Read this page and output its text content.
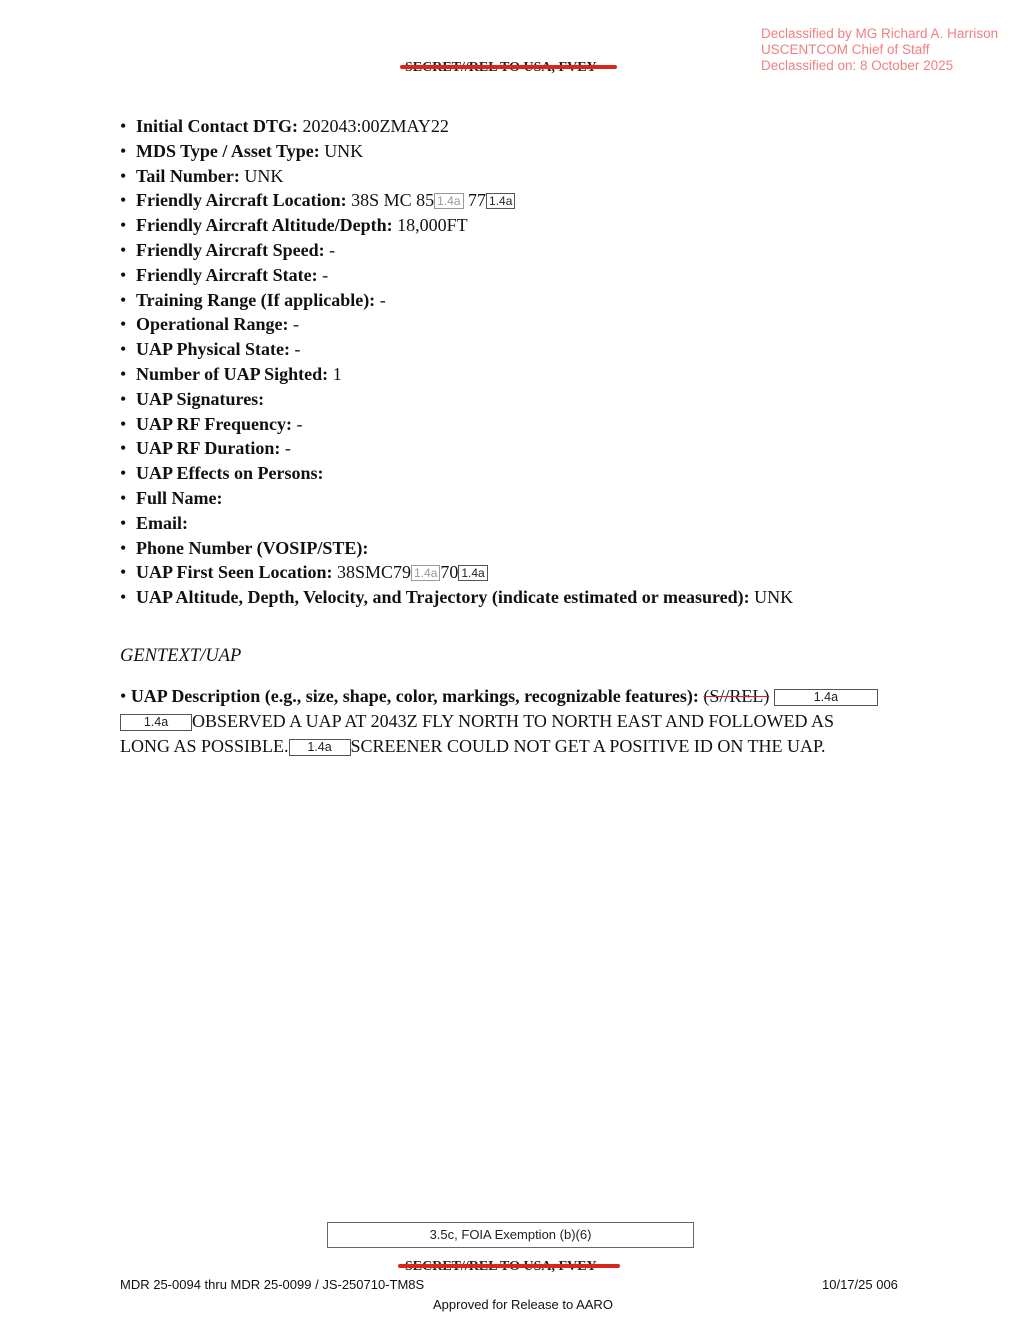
Declassified by MG Richard A. Harrison
USCENTCOM Chief of Staff
Declassified on: 8 October 2025
• Initial Contact DTG: 202043:00ZMAY22
• MDS Type / Asset Type: UNK
• Tail Number: UNK
• Friendly Aircraft Location: 38S MC 85 1.4a 77 1.4a
• Friendly Aircraft Altitude/Depth: 18,000FT
• Friendly Aircraft Speed: -
• Friendly Aircraft State: -
• Training Range (If applicable): -
• Operational Range: -
• UAP Physical State: -
• Number of UAP Sighted: 1
• UAP Signatures:
• UAP RF Frequency: -
• UAP RF Duration: -
• UAP Effects on Persons:
• Full Name:
• Email:
• Phone Number (VOSIP/STE):
• UAP First Seen Location: 38SMC79 1.4a 70 1.4a
• UAP Altitude, Depth, Velocity, and Trajectory (indicate estimated or measured): UNK
GENTEXT/UAP
• UAP Description (e.g., size, shape, color, markings, recognizable features): (S//REL)	1.4a
1.4a OBSERVED A UAP AT 2043Z FLY NORTH TO NORTH EAST AND FOLLOWED AS
LONG AS POSSIBLE. 1.4a SCREENER COULD NOT GET A POSITIVE ID ON THE UAP.
3.5c, FOIA Exemption (b)(6)
MDR 25-0094 thru MDR 25-0099 / JS-250710-TM8S	10/17/25 006
Approved for Release to AARO
